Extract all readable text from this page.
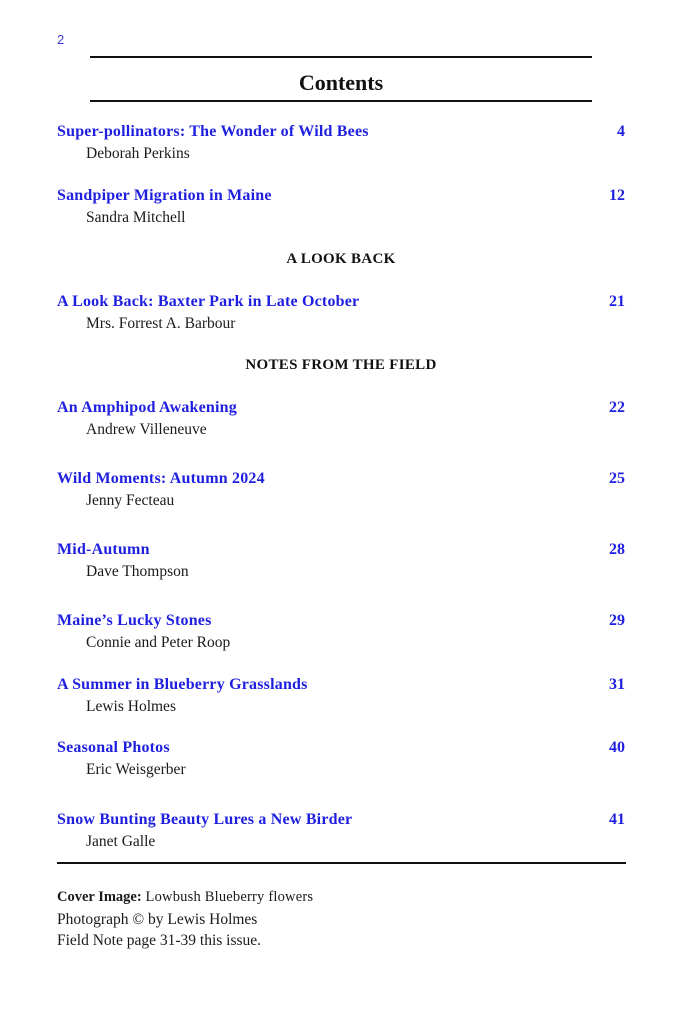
2
Contents
Super-pollinators: The Wonder of Wild Bees	4
Deborah Perkins
Sandpiper Migration in Maine	12
Sandra Mitchell
A LOOK BACK
A Look Back: Baxter Park in Late October	21
Mrs. Forrest A. Barbour
NOTES FROM THE FIELD
An Amphipod Awakening	22
Andrew Villeneuve
Wild Moments: Autumn 2024	25
Jenny Fecteau
Mid-Autumn	28
Dave Thompson
Maine’s Lucky Stones	29
Connie and Peter Roop
A Summer in Blueberry Grasslands	31
Lewis Holmes
Seasonal Photos	40
Eric Weisgerber
Snow Bunting Beauty Lures a New Birder	41
Janet Galle
Cover Image: Lowbush Blueberry flowers
Photograph © by Lewis Holmes
Field Note page 31-39 this issue.
